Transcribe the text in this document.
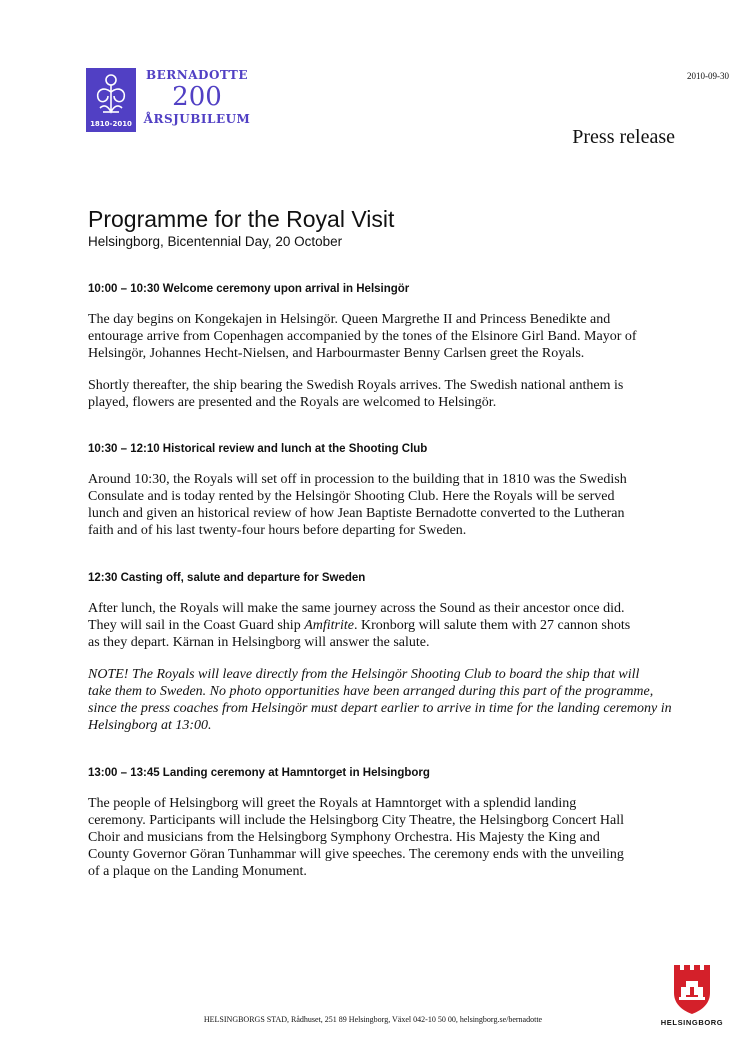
1810-2010
BERNADOTTE
200
ÅRSJUBILEUM
2010-09-30
Press release
Programme for the Royal Visit
Helsingborg, Bicentennial Day, 20 October
10:00 – 10:30 Welcome ceremony upon arrival in Helsingör
The day begins on Kongekajen in Helsingör. Queen Margrethe II and Princess Benedikte and
entourage arrive from Copenhagen accompanied by the tones of the Elsinore Girl Band. Mayor of
Helsingör, Johannes Hecht-Nielsen, and Harbourmaster Benny Carlsen greet the Royals.
Shortly thereafter, the ship bearing the Swedish Royals arrives. The Swedish national anthem is
played, flowers are presented and the Royals are welcomed to Helsingör.
10:30 – 12:10 Historical review and lunch at the Shooting Club
Around 10:30, the Royals will set off in procession to the building that in 1810 was the Swedish
Consulate and is today rented by the Helsingör Shooting Club. Here the Royals will be served
lunch and given an historical review of how Jean Baptiste Bernadotte converted to the Lutheran
faith and of his last twenty-four hours before departing for Sweden.
12:30 Casting off, salute and departure for Sweden
After lunch, the Royals will make the same journey across the Sound as their ancestor once did.
They will sail in the Coast Guard ship Amfitrite. Kronborg will salute them with 27 cannon shots
as they depart. Kärnan in Helsingborg will answer the salute.
NOTE! The Royals will leave directly from the Helsingör Shooting Club to board the ship that will
take them to Sweden. No photo opportunities have been arranged during this part of the programme,
since the press coaches from Helsingör must depart earlier to arrive in time for the landing ceremony in
Helsingborg at 13:00.
13:00 – 13:45 Landing ceremony at Hamntorget in Helsingborg
The people of Helsingborg will greet the Royals at Hamntorget with a splendid landing
ceremony. Participants will include the Helsingborg City Theatre, the Helsingborg Concert Hall
Choir and musicians from the Helsingborg Symphony Orchestra. His Majesty the King and
County Governor Göran Tunhammar will give speeches. The ceremony ends with the unveiling
of a plaque on the Landing Monument.
HELSINGBORG
HELSINGBORGS STAD, Rådhuset, 251 89 Helsingborg, Växel 042-10 50 00, helsingborg.se/bernadotte
